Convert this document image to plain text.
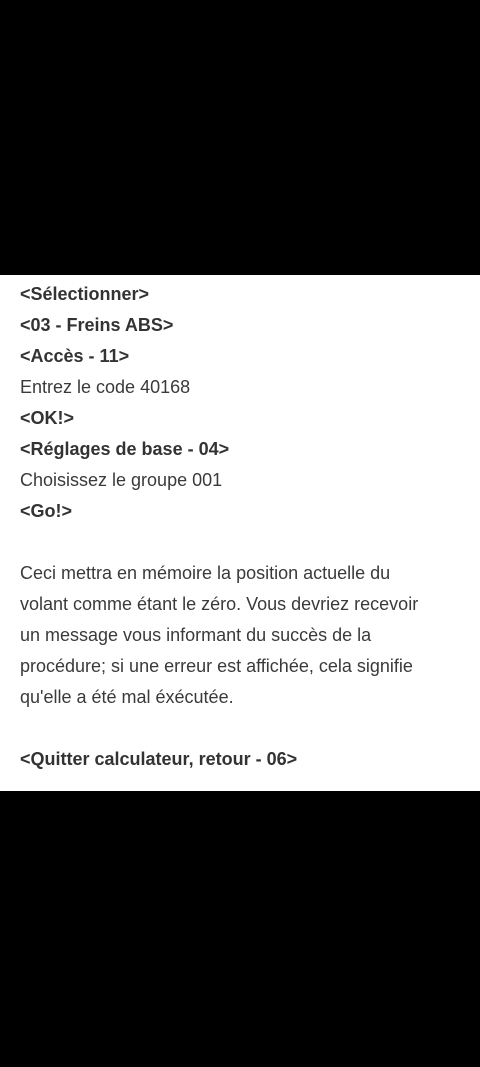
<Sélectionner>
<03 - Freins ABS>
<Accès - 11>
Entrez le code 40168
<OK!>
<Réglages de base - 04>
Choisissez le groupe 001
<Go!>
Ceci mettra en mémoire la position actuelle du volant comme étant le zéro. Vous devriez recevoir un message vous informant du succès de la procédure; si une erreur est affichée, cela signifie qu'elle a été mal éxécutée.
<Quitter calculateur, retour - 06>
